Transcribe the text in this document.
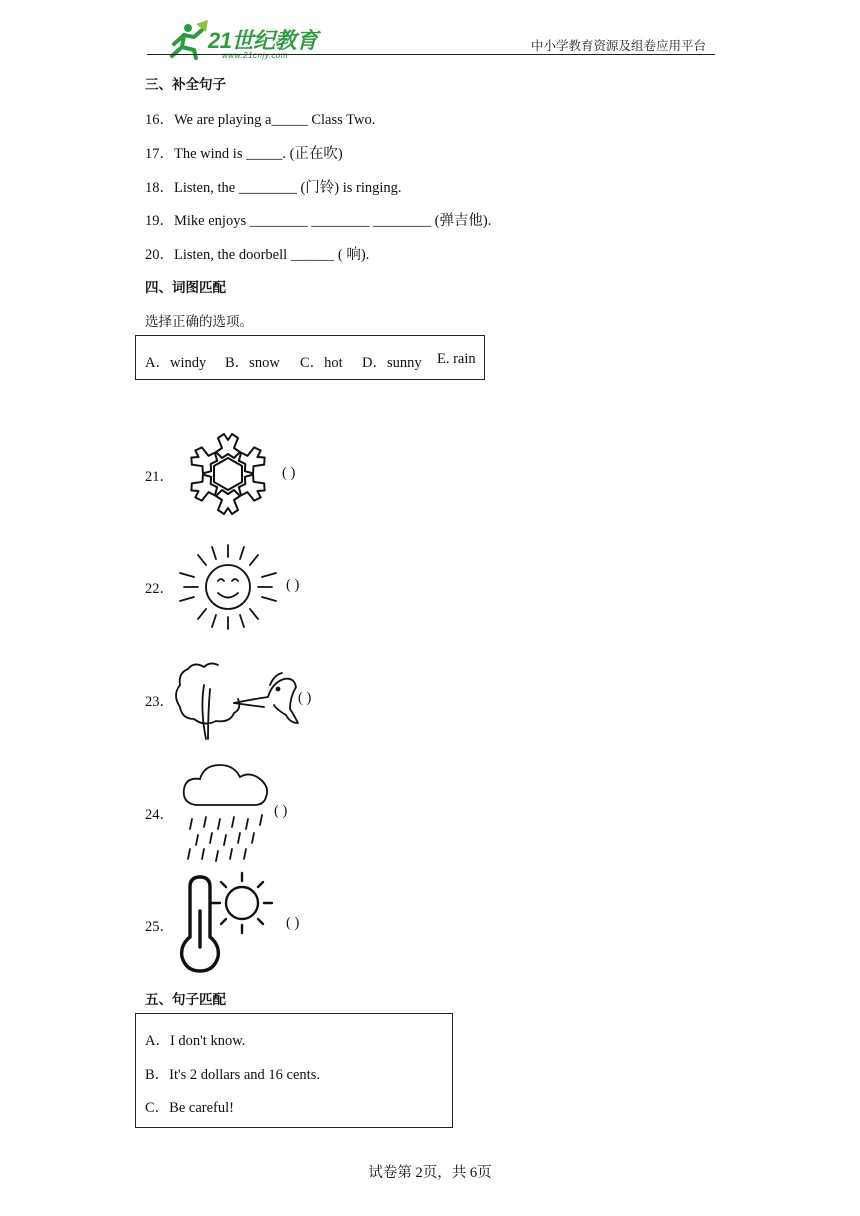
21世纪教育
www.21cnjy.com
中小学教育资源及组卷应用平台
三、补全句子
16．We are playing a_____ Class Two.
17．The wind is _____. (正在吹)
18．Listen, the ________ (门铃) is ringing.
19．Mike enjoys ________ ________ ________ (弹吉他).
20．Listen, the doorbell ______ ( 响).
四、词图匹配
选择正确的选项。
A．windy B．snow C．hot D．sunny E. rain
21．	( )
22．	( )
23．	( )
24．	( )
25．	( )
五、句子匹配
A．I don't know.
B．It's 2 dollars and 16 cents.
C．Be careful!
试卷第 2页，共 6页
